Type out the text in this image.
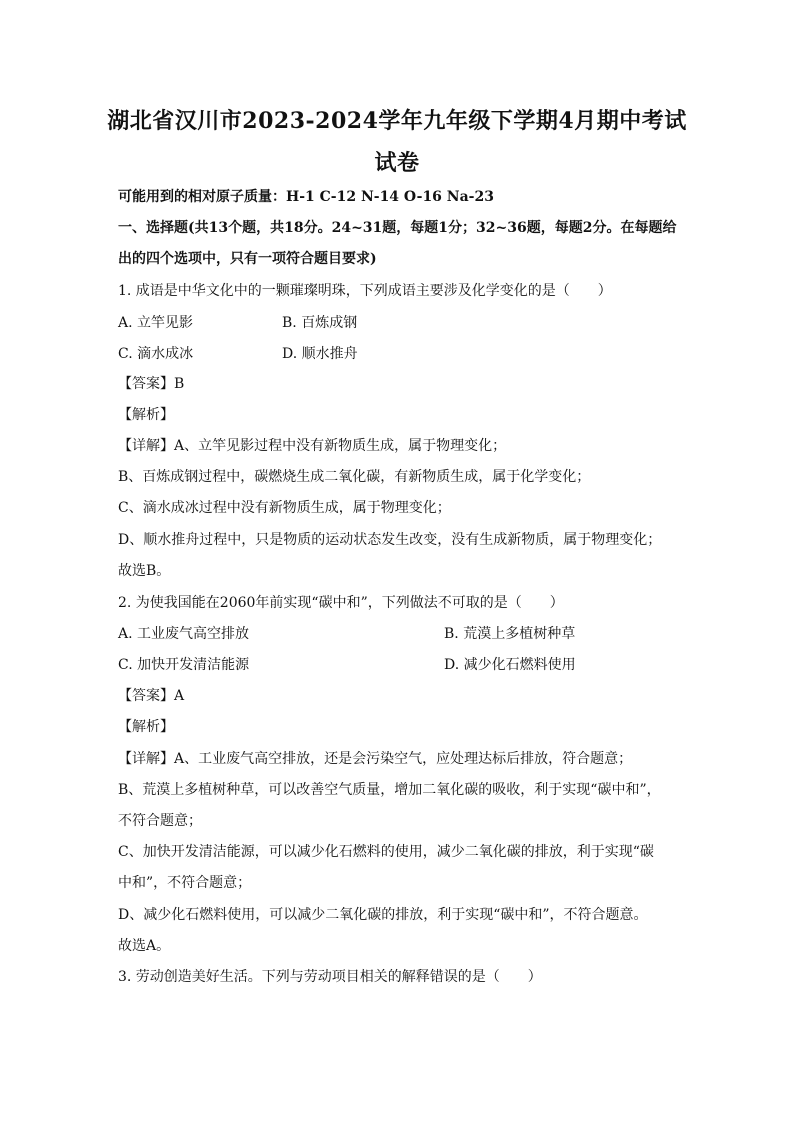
湖北省汉川市2023-2024学年九年级下学期4月期中考试
试卷
可能用到的相对原子质量：H-1 C-12 N-14 O-16 Na-23
一、选择题(共13个题，共18分。24~31题，每题1分；32~36题，每题2分。在每题给
出的四个选项中，只有一项符合题目要求)
1. 成语是中华文化中的一颗璀璨明珠，下列成语主要涉及化学变化的是（　　）
A. 立竿见影	B. 百炼成钢
C. 滴水成冰	D. 顺水推舟
【答案】B
【解析】
【详解】A、立竿见影过程中没有新物质生成，属于物理变化；
B、百炼成钢过程中，碳燃烧生成二氧化碳，有新物质生成，属于化学变化；
C、滴水成冰过程中没有新物质生成，属于物理变化；
D、顺水推舟过程中，只是物质的运动状态发生改变，没有生成新物质，属于物理变化；
故选B。
2. 为使我国能在2060年前实现“碳中和”，下列做法不可取的是（　　）
A. 工业废气高空排放	B. 荒漠上多植树种草
C. 加快开发清洁能源	D. 减少化石燃料使用
【答案】A
【解析】
【详解】A、工业废气高空排放，还是会污染空气，应处理达标后排放，符合题意；
B、荒漠上多植树种草，可以改善空气质量，增加二氧化碳的吸收，利于实现“碳中和”，
不符合题意；
C、加快开发清洁能源，可以减少化石燃料的使用，减少二氧化碳的排放，利于实现“碳
中和”，不符合题意；
D、减少化石燃料使用，可以减少二氧化碳的排放，利于实现“碳中和”，不符合题意。
故选A。
3. 劳动创造美好生活。下列与劳动项目相关的解释错误的是（　　）
